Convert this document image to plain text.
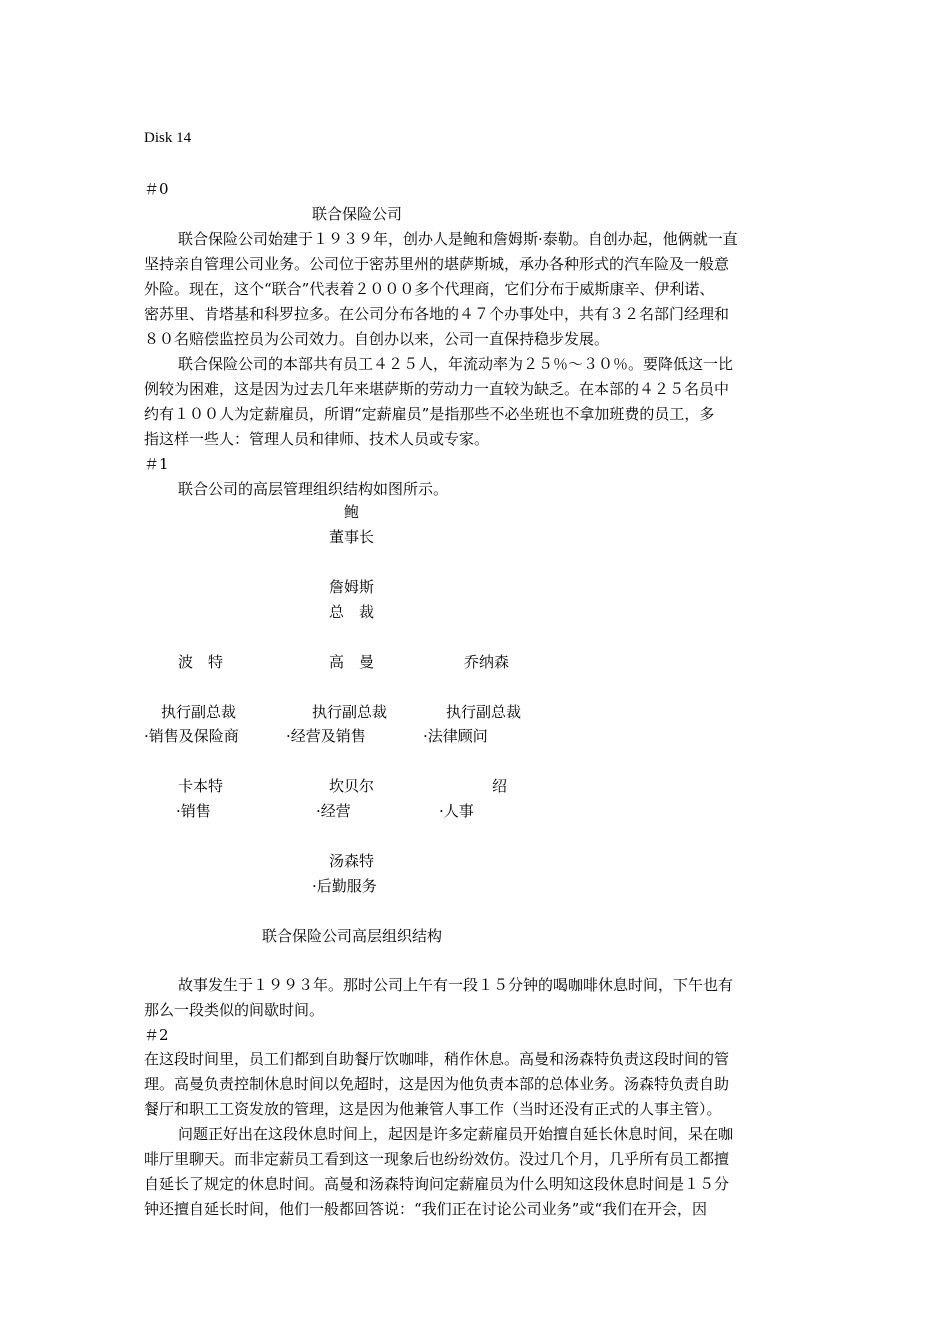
Disk 14
＃0
联合保险公司
联合保险公司始建于１９３９年，创办人是鲍和詹姆斯·泰勒。自创办起，他俩就一直
坚持亲自管理公司业务。公司位于密苏里州的堪萨斯城，承办各种形式的汽车险及一般意
外险。现在，这个“联合”代表着２０００多个代理商，它们分布于威斯康辛、伊利诺、
密苏里、肯塔基和科罗拉多。在公司分布各地的４７个办事处中，共有３２名部门经理和
８０名赔偿监控员为公司效力。自创办以来，公司一直保持稳步发展。
联合保险公司的本部共有员工４２５人，年流动率为２５％～３０％。要降低这一比
例较为困难，这是因为过去几年来堪萨斯的劳动力一直较为缺乏。在本部的４２５名员中
约有１００人为定薪雇员，所谓“定薪雇员”是指那些不必坐班也不拿加班费的员工，多
指这样一些人：管理人员和律师、技术人员或专家。
＃1
联合公司的高层管理组织结构如图所示。
鲍
董事长
詹姆斯
总　裁
波　特	高　曼	乔纳森
执行副总裁	执行副总裁	执行副总裁
·销售及保险商	·经营及销售	·法律顾问
卡本特	坎贝尔	绍
·销售	·经营	·人事
汤森特
·后勤服务
联合保险公司高层组织结构
故事发生于１９９３年。那时公司上午有一段１５分钟的喝咖啡休息时间，下午也有
那么一段类似的间歇时间。
＃2
在这段时间里，员工们都到自助餐厅饮咖啡，稍作休息。高曼和汤森特负责这段时间的管
理。高曼负责控制休息时间以免超时，这是因为他负责本部的总体业务。汤森特负责自助
餐厅和职工工资发放的管理，这是因为他兼管人事工作（当时还没有正式的人事主管）。
问题正好出在这段休息时间上，起因是许多定薪雇员开始擅自延长休息时间，呆在咖
啡厅里聊天。而非定薪员工看到这一现象后也纷纷效仿。没过几个月，几乎所有员工都擅
自延长了规定的休息时间。高曼和汤森特询问定薪雇员为什么明知这段休息时间是１５分
钟还擅自延长时间，他们一般都回答说：“我们正在讨论公司业务”或“我们在开会，因
